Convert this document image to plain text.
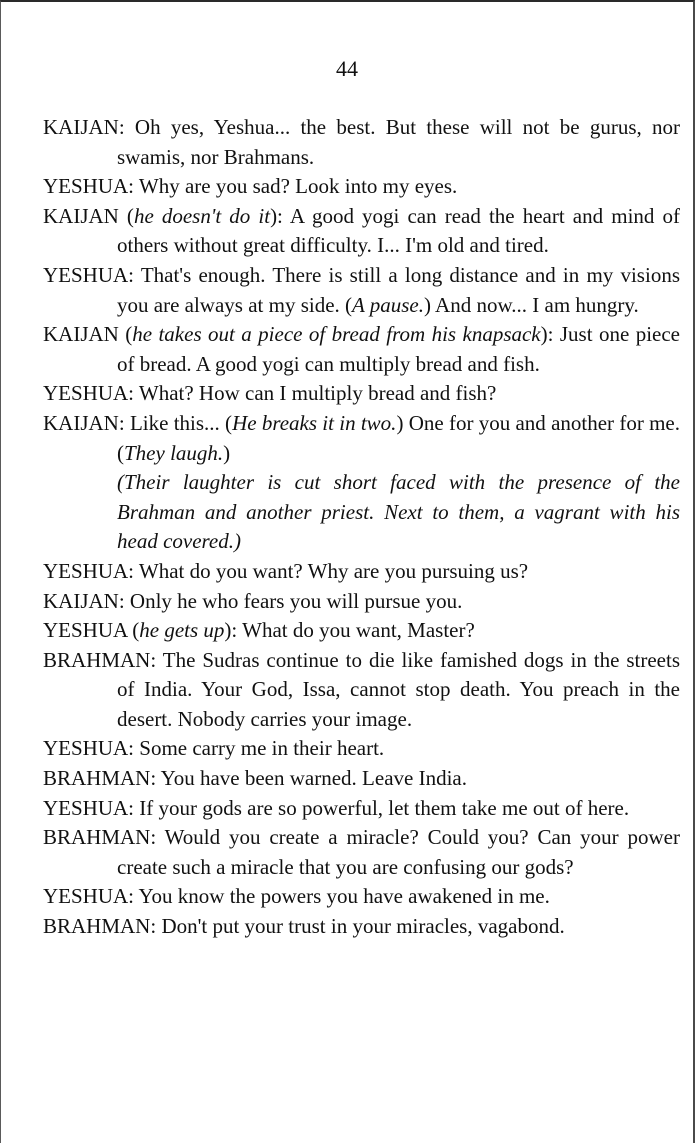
44

KAIJAN: Oh yes, Yeshua... the best. But these will not be gurus, nor swamis, nor Brahmans.

YESHUA: Why are you sad? Look into my eyes.

KAIJAN (he doesn't do it): A good yogi can read the heart and mind of others without great difficulty. I... I'm old and tired.

YESHUA: That's enough. There is still a long distance and in my visions you are always at my side. (A pause.) And now... I am hungry.

KAIJAN (he takes out a piece of bread from his knapsack): Just one piece of bread. A good yogi can multiply bread and fish.

YESHUA: What? How can I multiply bread and fish?

KAIJAN: Like this... (He breaks it in two.) One for you and another for me. (They laugh.)

(Their laughter is cut short faced with the presence of the Brahman and another priest. Next to them, a vagrant with his head covered.)

YESHUA: What do you want? Why are you pursuing us?

KAIJAN: Only he who fears you will pursue you.

YESHUA (he gets up): What do you want, Master?

BRAHMAN: The Sudras continue to die like famished dogs in the streets of India. Your God, Issa, cannot stop death. You preach in the desert. Nobody carries your image.

YESHUA: Some carry me in their heart.

BRAHMAN: You have been warned. Leave India.

YESHUA: If your gods are so powerful, let them take me out of here.

BRAHMAN: Would you create a miracle? Could you? Can your power create such a miracle that you are confusing our gods?

YESHUA: You know the powers you have awakened in me.

BRAHMAN: Don't put your trust in your miracles, vagabond.
